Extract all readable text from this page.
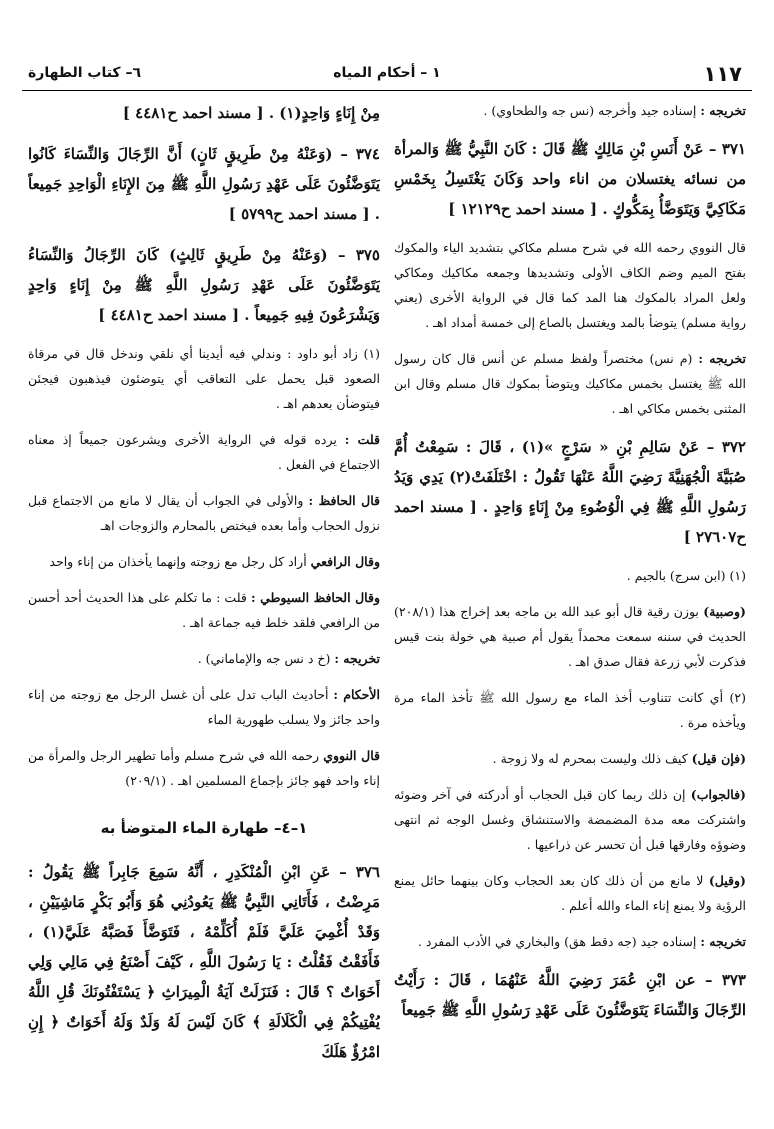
١١٧
١ – أحكام المياه
٦– كتاب الطهارة

تخريجه : إسناده جيد وأخرجه (نس جه والطحاوي) .

٣٧١ – عَنْ أَنَسِ بْنِ مَالِكٍ ﷺ قَالَ : كَانَ النَّبِيُّ ﷺ وَالمرأة من نسائه يغتسلان من اناء واحد وَكَانَ يَغْتَسِلُ بِخَمْسِ مَكَاكِيَّ وَيَتَوَضَّأُ بِمَكُّوكٍ . [ مسند احمد ح١٢١٢٩ ]

قال النووي رحمه الله في شرح مسلم مكاكي بتشديد الياء والمكوك بفتح الميم وضم الكاف الأولى وتشديدها وجمعه مكاكيك ومكاكي ولعل المراد بالمكوك هنا المد كما قال في الرواية الأخرى (يعني رواية مسلم) يتوضأ بالمد ويغتسل بالصاع إلى خمسة أمداد اهـ .

تخريجه : (م نس) مختصراً ولفظ مسلم عن أنس قال كان رسول الله ﷺ يغتسل بخمس مكاكيك ويتوضأ بمكوك قال مسلم وقال ابن المثنى بخمس مكاكي اهـ .

٣٧٢ – عَنْ سَالِمِ بْنِ « سَرْجٍ »(١) ، قَالَ : سَمِعْتُ أُمَّ صُبَيَّةَ الْجُهَنِيَّةَ رَضِيَ اللَّهُ عَنْهَا تَقُولُ : اخْتَلَفَتْ(٢) يَدِي وَيَدُ رَسُولِ اللَّهِ ﷺ فِي الْوُضُوءِ مِنْ إِنَاءٍ وَاحِدٍ . [ مسند احمد ح٢٧٦٠٧ ]

(١) (ابن سرج) بالجيم .

(وصبية) بوزن رقية قال أبو عبد الله بن ماجه بعد إخراج هذا (٢٠٨/١) الحديث في سننه سمعت محمداً يقول أم صبية هي خولة بنت قيس فذكرت لأبي زرعة فقال صدق اهـ .

(٢) أي كانت تتناوب أخذ الماء مع رسول الله ﷺ تأخذ الماء مرة ويأخذه مرة .

(فإن قيل) كيف ذلك وليست بمحرم له ولا زوجة .

(فالجواب) إن ذلك ربما كان قبل الحجاب أو أدركته في آخر وضوئه واشتركت معه مدة المضمضة والاستنشاق وغسل الوجه ثم انتهى وضوؤه وفارقها قبل أن تحسر عن ذراعيها .

(وقيل) لا مانع من أن ذلك كان بعد الحجاب وكان بينهما حائل يمنع الرؤية ولا يمنع إناء الماء والله أعلم .

تخريجه : إسناده جيد (جه دقط هق) والبخاري في الأدب المفرد .

٣٧٣ – عن ابْنِ عُمَرَ رَضِيَ اللَّهُ عَنْهُمَا ، قَالَ : رَأَيْتُ الرِّجَالَ وَالنِّسَاءَ يَتَوَضَّئُونَ عَلَى عَهْدِ رَسُولِ اللَّهِ ﷺ جَمِيعاً

مِنْ إِنَاءٍ وَاحِدٍ(١) . [ مسند احمد ح٤٤٨١ ]

٣٧٤ – (وَعَنْهُ مِنْ طَرِيقٍ ثَانٍ) أَنَّ الرِّجَالَ وَالنِّسَاءَ كَانُوا يَتَوَضَّئُونَ عَلَى عَهْدِ رَسُولِ اللَّهِ ﷺ مِنَ الإِنَاءِ الْوَاحِدِ جَمِيعاً . [ مسند احمد ح٥٧٩٩ ]

٣٧٥ – (وَعَنْهُ مِنْ طَرِيقٍ ثَالِثٍ) كَانَ الرِّجَالُ وَالنِّسَاءُ يَتَوَضَّئُونَ عَلَى عَهْدِ رَسُولِ اللَّهِ ﷺ مِنْ إِنَاءٍ وَاحِدٍ وَيَشْرَعُونَ فِيهِ جَمِيعاً . [ مسند احمد ح٤٤٨١ ]

(١) زاد أبو داود : وندلي فيه أيدينا أي نلقي وندخل قال في مرقاة الصعود قبل يحمل على التعاقب أي يتوضئون فيذهبون فيجئن فيتوضأن بعدهم اهـ .

قلت : يرده قوله في الرواية الأخرى ويشرعون جميعاً إذ معناه الاجتماع في الفعل .

قال الحافظ : والأولى في الجواب أن يقال لا مانع من الاجتماع قبل نزول الحجاب وأما بعده فيختص بالمحارم والزوجات اهـ

وقال الرافعي أراد كل رجل مع زوجته وإنهما يأخذان من إناء واحد

وقال الحافظ السيوطي : قلت : ما تكلم على هذا الحديث أحد أحسن من الرافعي فلقد خلط فيه جماعة اهـ .

تخريجه : (خ د نس جه والإماماني) .

الأحكام : أحاديث الباب تدل على أن غسل الرجل مع زوجته من إناء واحد جائز ولا يسلب طهورية الماء

قال النووي رحمه الله في شرح مسلم وأما تطهير الرجل والمرأة من إناء واحد فهو جائز بإجماع المسلمين اهـ . (٢٠٩/١)

١–٤– طهارة الماء المتوضأ به

٣٧٦ – عَنِ ابْنِ الْمُنْكَدِرِ ، أَنَّهُ سَمِعَ جَابِراً ﷺ يَقُولُ : مَرِضْتُ ، فَأَتَانِي النَّبِيُّ ﷺ يَعُودُنِي هُوَ وَأَبُو بَكْرٍ مَاشِيَيْنِ ، وَقَدْ أُغْمِيَ عَلَيَّ فَلَمْ أُكَلِّمْهُ ، فَتَوَضَّأَ فَصَبَّهُ عَلَيَّ(١) ، فَأَفَقْتُ فَقُلْتُ : يَا رَسُولَ اللَّهِ ، كَيْفَ أَصْنَعُ فِي مَالِي وَلِي أَخَوَاتٌ ؟ قَالَ : فَنَزَلَتْ آيَةُ الْمِيرَاثِ ﴿ يَسْتَفْتُونَكَ قُلِ اللَّهُ يُفْتِيكُمْ فِي الْكَلَالَةِ ﴾ كَانَ لَيْسَ لَهُ وَلَدٌ وَلَهُ أَخَوَاتٌ ﴿ إِنِ امْرُؤٌ هَلَكَ
